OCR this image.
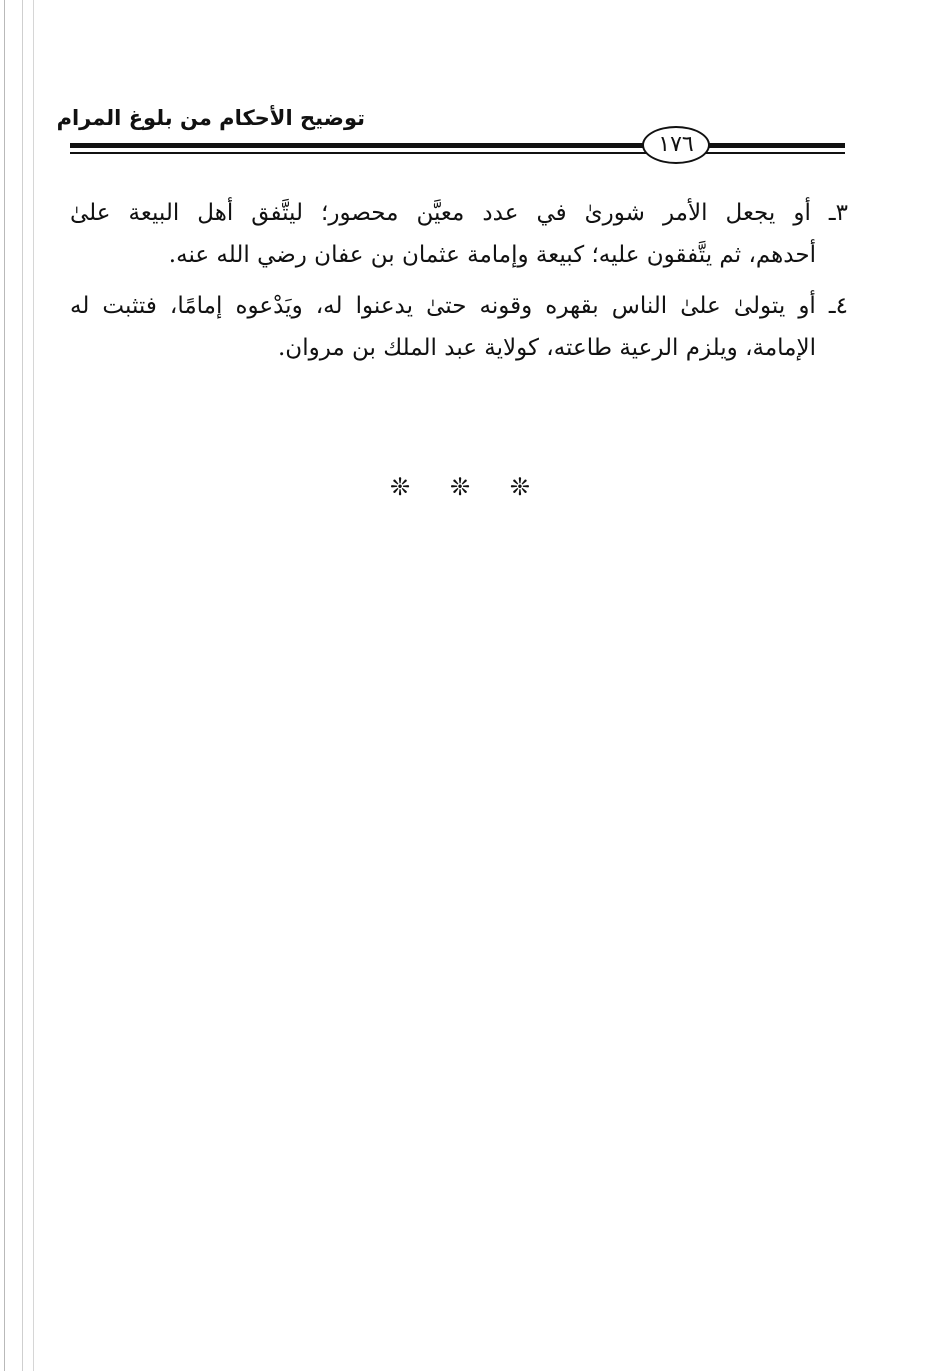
توضيح الأحكام من بلوغ المرام
١٧٦
٣ـ أو يجعل الأمر شورىٰ في عدد معيَّن محصور؛ ليتَّفق أهل البيعة علىٰ
أحدهم، ثم يتَّفقون عليه؛ كبيعة وإمامة عثمان بن عفان رضي الله عنه.
٤ـ أو يتولىٰ علىٰ الناس بقهره وقونه حتىٰ يدعنوا له، ويَدْعوه إمامًا، فتثبت له
الإمامة، ويلزم الرعية طاعته، كولاية عبد الملك بن مروان.
❊ ❊ ❊
